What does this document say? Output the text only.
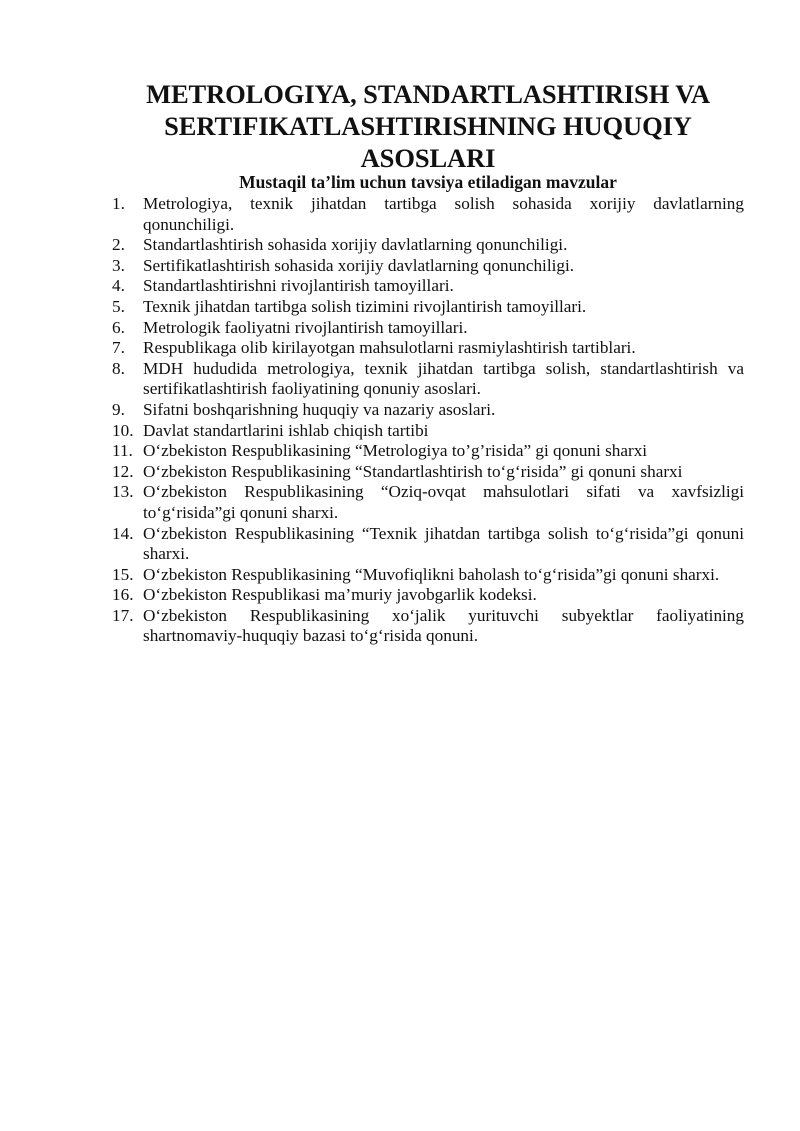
METROLOGIYA, STANDARTLASHTIRISH VA SERTIFIKATLASHTIRISHNING HUQUQIY ASOSLARI
Mustaqil ta’lim uchun tavsiya etiladigan mavzular
1.	Metrologiya, texnik jihatdan tartibga solish sohasida xorijiy davlatlarning qonunchiligi.
2.	Standartlashtirish sohasida xorijiy davlatlarning qonunchiligi.
3.	Sertifikatlashtirish sohasida xorijiy davlatlarning qonunchiligi.
4.	Standartlashtirishni rivojlantirish tamoyillari.
5.	Texnik jihatdan tartibga solish tizimini rivojlantirish tamoyillari.
6.	Metrologik faoliyatni rivojlantirish tamoyillari.
7.	Respublikaga olib kirilayotgan mahsulotlarni rasmiylashtirish tartiblari.
8.	MDH hududida metrologiya, texnik jihatdan tartibga solish, standartlashtirish va sertifikatlashtirish faoliyatining qonuniy asoslari.
9.	Sifatni boshqarishning huquqiy va nazariy asoslari.
10. Davlat standartlarini ishlab chiqish tartibi
11. O‘zbekiston Respublikasining “Metrologiya to’g’risida” gi qonuni sharxi
12. O‘zbekiston Respublikasining “Standartlashtirish to‘g‘risida” gi qonuni sharxi
13. O‘zbekiston Respublikasining “Oziq-ovqat mahsulotlari sifati va xavfsizligi to‘g‘risida”gi qonuni sharxi.
14. O‘zbekiston Respublikasining “Texnik jihatdan tartibga solish to‘g‘risida”gi qonuni sharxi.
15. O‘zbekiston Respublikasining “Muvofiqlikni baholash to‘g‘risida”gi qonuni sharxi.
16. O‘zbekiston Respublikasi ma’muriy javobgarlik kodeksi.
17. O‘zbekiston Respublikasining xo‘jalik yurituvchi subyektlar faoliyatining shartnomaviy-huquqiy bazasi to‘g‘risida qonuni.
